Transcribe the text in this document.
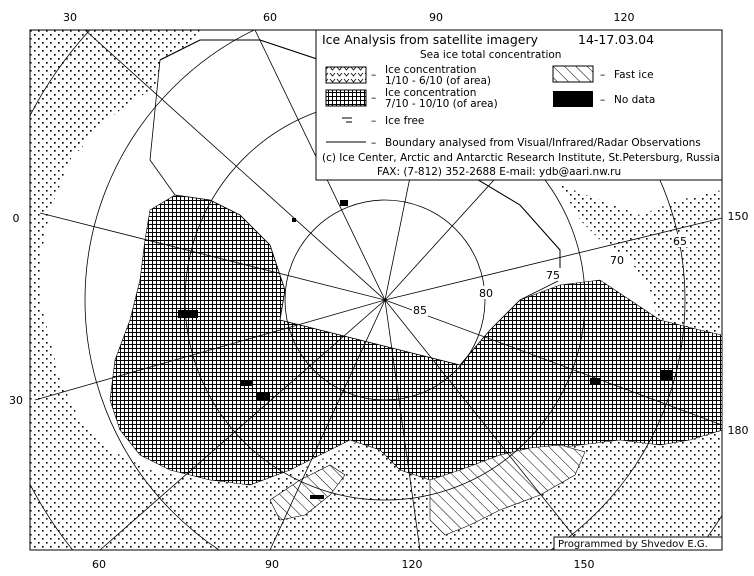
85
80
75
70
65
30	60	90	120
60	90	120	150
0
30
150
180
Ice Analysis from satellite imagery	14-17.03.04
Sea ice total concentration
– Ice concentration
1/10 - 6/10 (of area)
– Ice concentration
7/10 - 10/10 (of area)
– Ice free
– Fast ice
– No data
– Boundary analysed from Visual/Infrared/Radar Observations
(c) Ice Center, Arctic and Antarctic Research Institute, St.Petersburg, Russia
FAX: (7-812) 352-2688 E-mail: ydb@aari.nw.ru
Programmed by Shvedov E.G.
